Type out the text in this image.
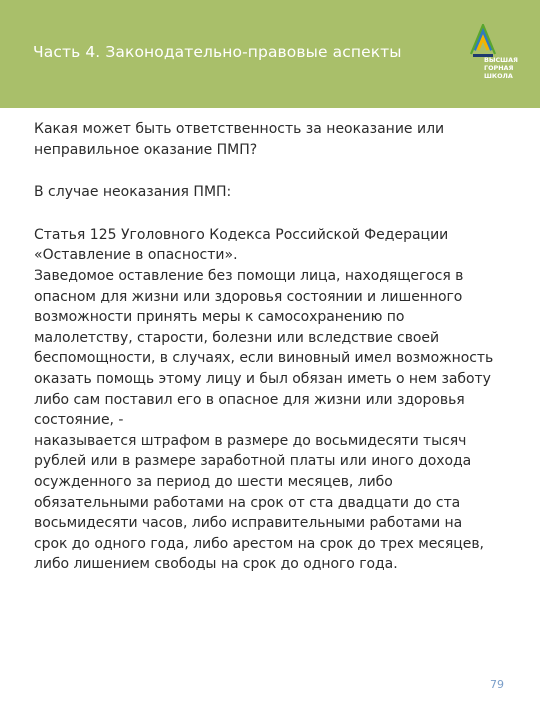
Часть 4. Законодательно-правовые аспекты	ВЫСШАЯ
ГОРНАЯ
ШКОЛА

Какая может быть ответственность за неоказание или
неправильное оказание ПМП?

В случае неоказания ПМП:

Статья 125 Уголовного Кодекса Российской Федерации
«Оставление в опасности».

Заведомое оставление без помощи лица, находящегося в
опасном для жизни или здоровья состоянии и лишенного
возможности принять меры к самосохранению по
малолетству, старости, болезни или вследствие своей
беспомощности, в случаях, если виновный имел возможность
оказать помощь этому лицу и был обязан иметь о нем заботу
либо сам поставил его в опасное для жизни или здоровья
состояние, -
наказывается штрафом в размере до восьмидесяти тысяч
рублей или в размере заработной платы или иного дохода
осужденного за период до шести месяцев, либо
обязательными работами на срок от ста двадцати до ста
восьмидесяти часов, либо исправительными работами на
срок до одного года, либо арестом на срок до трех месяцев,
либо лишением свободы на срок до одного года.

79
